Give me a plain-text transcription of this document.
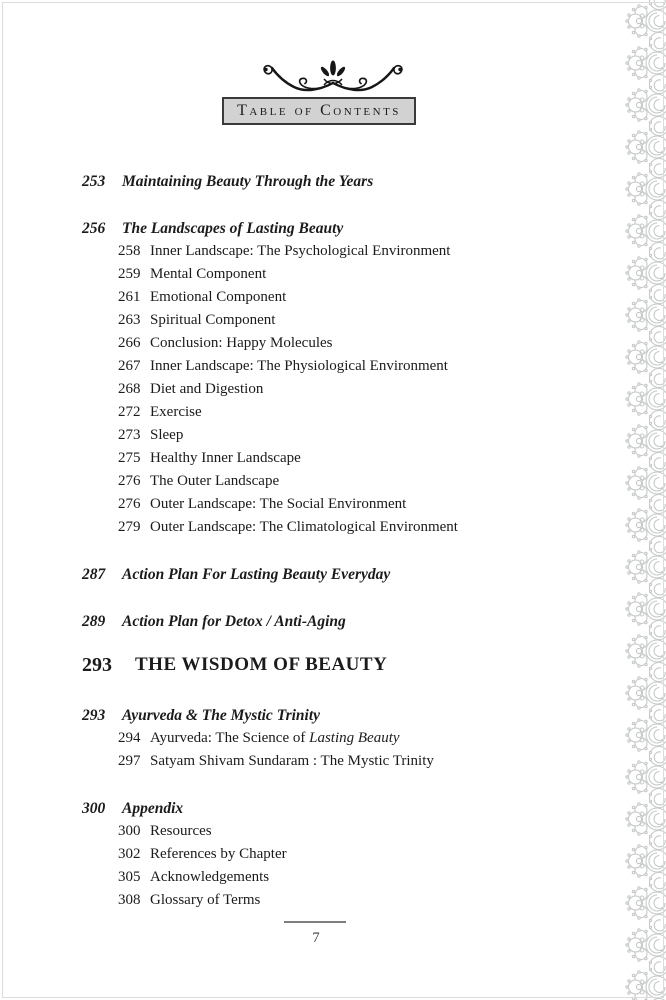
Table of Contents
253	Maintaining Beauty Through the Years
256	The Landscapes of Lasting Beauty
258 Inner Landscape: The Psychological Environment
259 Mental Component
261 Emotional Component
263 Spiritual Component
266 Conclusion: Happy Molecules
267 Inner Landscape: The Physiological Environment
268 Diet and Digestion
272 Exercise
273 Sleep
275 Healthy Inner Landscape
276 The Outer Landscape
276 Outer Landscape: The Social Environment
279 Outer Landscape: The Climatological Environment
287	Action Plan For Lasting Beauty Everyday
289	Action Plan for Detox / Anti-Aging
293	THE WISDOM OF BEAUTY
293	Ayurveda & The Mystic Trinity
294 Ayurveda: The Science of Lasting Beauty
297 Satyam Shivam Sundaram : The Mystic Trinity
300	Appendix
300 Resources
302 References by Chapter
305 Acknowledgements
308 Glossary of Terms
7
